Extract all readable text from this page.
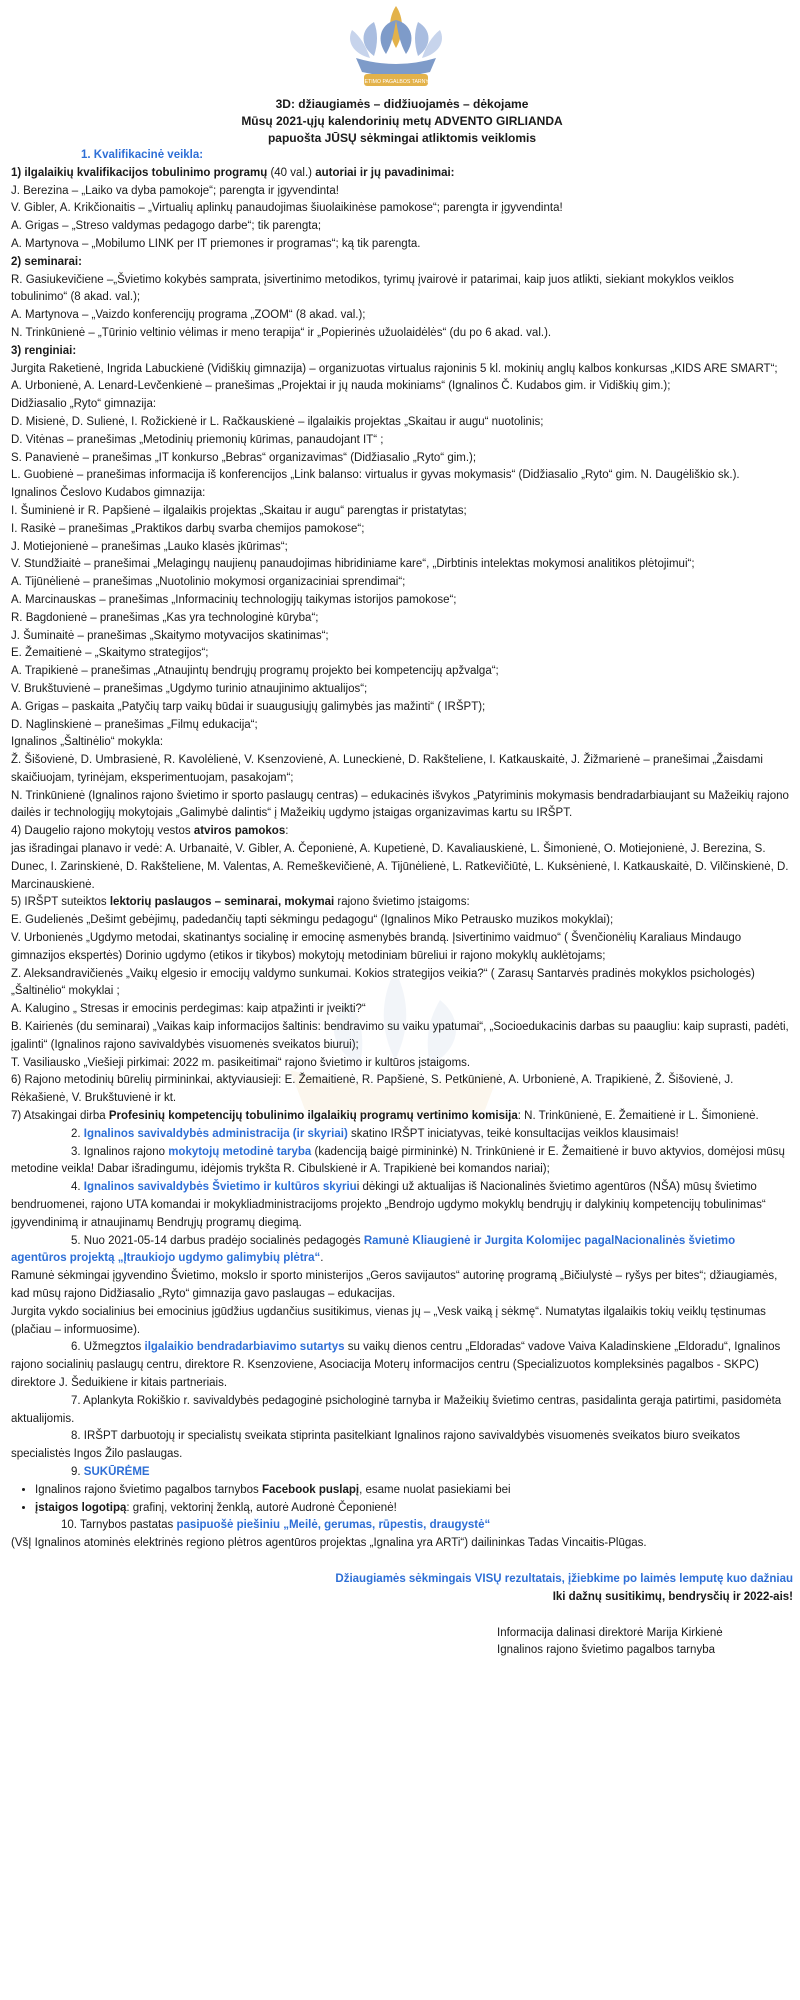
ŠVIETIMO PAGALBOS TARNYBA
3D: džiaugiamės – didžiuojamės – dėkojame
Mūsų 2021-ųjų kalendorinių metų ADVENTO GIRLIANDA
papuošta JŪSŲ sėkmingai atliktomis veiklomis
1. Kvalifikacinė veikla:
1) ilgalaikių kvalifikacijos tobulinimo programų (40 val.) autoriai ir jų pavadinimai:
J. Berezina – „Laiko va dyba pamokoje“; parengta ir įgyvendinta!
V. Gibler, A. Krikčionaitis – „Virtualių aplinkų panaudojimas šiuolaikinėse pamokose“; parengta ir įgyvendinta!
A. Grigas – „Streso valdymas pedagogo darbe“; tik parengta;
A. Martynova – „Mobilumo LINK per IT priemones ir programas“; ką tik parengta.
2) seminarai:
R. Gasiukevičiene –„Švietimo kokybės samprata, įsivertinimo metodikos, tyrimų įvairovė ir patarimai, kaip juos atlikti, siekiant mokyklos veiklos tobulinimo“ (8 akad. val.);
A. Martynova – „Vaizdo konferencijų programa „ZOOM“ (8 akad. val.);
N. Trinkūnienė – „Tūrinio veltinio vėlimas ir meno terapija“ ir „Popierinės užuolaidėlės“ (du po 6 akad. val.).
3) renginiai:
Jurgita Raketienė, Ingrida Labuckienė (Vidiškių gimnazija) – organizuotas virtualus rajoninis 5 kl. mokinių anglų kalbos konkursas „KIDS ARE SMART“;
A. Urbonienė, A. Lenard-Levčenkienė – pranešimas „Projektai ir jų nauda mokiniams“ (Ignalinos Č. Kudabos gim. ir Vidiškių gim.);
Didžiasalio „Ryto“ gimnazija:
D. Misienė, D. Sulienė, I. Rožickienė ir L. Račkauskienė – ilgalaikis projektas „Skaitau ir augu“ nuotolinis;
D. Vitėnas – pranešimas „Metodinių priemonių kūrimas, panaudojant IT“ ;
S. Panavienė – pranešimas „IT konkurso „Bebras“ organizavimas“ (Didžiasalio „Ryto“ gim.);
L. Guobienė – pranešimas informacija iš konferencijos „Link balanso: virtualus ir gyvas mokymasis“ (Didžiasalio „Ryto“ gim. N. Daugėliškio sk.).
Ignalinos Česlovo Kudabos gimnazija:
I. Šuminienė ir R. Papšienė – ilgalaikis projektas „Skaitau ir augu“ parengtas ir pristatytas;
I. Rasikė – pranešimas „Praktikos darbų svarba chemijos pamokose“;
J. Motiejonienė – pranešimas „Lauko klasės įkūrimas“;
V. Stundžiaitė – pranešimai „Melagingų naujienų panaudojimas hibridiniame kare“, „Dirbtinis intelektas mokymosi analitikos plėtojimui“;
A. Tijūnėlienė – pranešimas „Nuotolinio mokymosi organizaciniai sprendimai“;
A. Marcinauskas – pranešimas „Informacinių technologijų taikymas istorijos pamokose“;
R. Bagdonienė – pranešimas „Kas yra technologinė kūryba“;
J. Šuminaitė – pranešimas „Skaitymo motyvacijos skatinimas“;
E. Žemaitienė – „Skaitymo strategijos“;
A. Trapikienė – pranešimas „Atnaujintų bendrųjų programų projekto bei kompetencijų apžvalga“;
V. Brukštuvienė – pranešimas „Ugdymo turinio atnaujinimo aktualijos“;
A. Grigas – paskaita „Patyčių tarp vaikų būdai ir suaugusiųjų galimybės jas mažinti“ ( IRŠPT);
D. Naglinskienė – pranešimas „Filmų edukacija“;
Ignalinos „Šaltinėlio“ mokykla:
Ž. Šišovienė, D. Umbrasienė, R. Kavolėlienė, V. Ksenzovienė, A. Luneckienė, D. Rakšteliene, I. Katkauskaitė, J. Žižmarienė – pranešimai „Žaisdami skaičiuojam, tyrinėjam, eksperimentuojam, pasakojam“;
N. Trinkūnienė (Ignalinos rajono švietimo ir sporto paslaugų centras) – edukacinės išvykos „Patyriminis mokymasis bendradarbiaujant su Mažeikių rajono dailės ir technologijų mokytojais „Galimybė dalintis“ į Mažeikių ugdymo įstaigas organizavimas kartu su IRŠPT.
4) Daugelio rajono mokytojų vestos atviros pamokos:
jas išradingai planavo ir vedė: A. Urbanaitė, V. Gibler, A. Čeponienė, A. Kupetienė, D. Kavaliauskienė, L. Šimonienė, O. Motiejonienė, J. Berezina, S. Dunec, I. Zarinskienė, D. Rakšteliene, M. Valentas, A. Remeškevičienė, A. Tijūnėlienė, L. Ratkevičiūtė, L. Kuksėnienė, I. Katkauskaitė, D. Vilčinskienė, D. Marcinauskienė.
5) IRŠPT suteiktos lektorių paslaugos – seminarai, mokymai rajono švietimo įstaigoms:
E. Gudelienės „Dešimt gebėjimų, padedančių tapti sėkmingu pedagogu“ (Ignalinos Miko Petrausko muzikos mokyklai);
V. Urbonienės „Ugdymo metodai, skatinantys socialinę ir emocinę asmenybės brandą. Įsivertinimo vaidmuo“ ( Švenčionėlių Karaliaus Mindaugo gimnazijos ekspertės) Dorinio ugdymo (etikos ir tikybos) mokytojų metodiniam būreliui ir rajono mokyklų auklėtojams;
Z. Aleksandravičienės „Vaikų elgesio ir emocijų valdymo sunkumai. Kokios strategijos veikia?“ ( Zarasų Santarvės pradinės mokyklos psichologės) „Šaltinėlio“ mokyklai ;
A. Kalugino „ Stresas ir emocinis perdegimas: kaip atpažinti ir įveikti?“
B. Kairienės (du seminarai) „Vaikas kaip informacijos šaltinis: bendravimo su vaiku ypatumai“, „Socioedukacinis darbas su paaugliu: kaip suprasti, padėti, įgalinti“ (Ignalinos rajono savivaldybės visuomenės sveikatos biurui);
T. Vasiliausko „Viešieji pirkimai: 2022 m. pasikeitimai“ rajono švietimo ir kultūros įstaigoms.
6) Rajono metodinių būrelių pirmininkai, aktyviausieji: E. Žemaitienė, R. Papšienė, S. Petkūnienė, A. Urbonienė, A. Trapikienė, Ž. Šišovienė, J. Rėkašienė, V. Brukštuvienė ir kt.
7) Atsakingai dirba Profesinių kompetencijų tobulinimo ilgalaikių programų vertinimo komisija: N. Trinkūnienė, E. Žemaitienė ir L. Šimonienė.
2. Ignalinos savivaldybės administracija (ir skyriai) skatino IRŠPT iniciatyvas, teikė konsultacijas veiklos klausimais!
3. Ignalinos rajono mokytojų metodinė taryba (kadenciją baigė pirmininkė) N. Trinkūnienė ir E. Žemaitienė ir buvo aktyvios, domėjosi mūsų metodine veikla! Dabar išradingumu, idėjomis trykšta R. Cibulskienė ir A. Trapikienė bei komandos nariai);
4. Ignalinos savivaldybės Švietimo ir kultūros skyriui dėkingi už aktualijas iš Nacionalinės švietimo agentūros (NŠA) mūsų švietimo bendruomenei, rajono UTA komandai ir mokykliadministracijoms projekto „Bendrojo ugdymo mokyklų bendrųjų ir dalykinių kompetencijų tobulinimas“ įgyvendinimą ir atnaujinamų Bendrųjų programų diegimą.
5. Nuo 2021-05-14 darbus pradėjo socialinės pedagogės Ramunė Kliaugienė ir Jurgita Kolomijec pagalNacionalinės švietimo agentūros projektą „Įtraukiojo ugdymo galimybių plėtra“.
Ramunė sėkmingai įgyvendino Švietimo, mokslo ir sporto ministerijos „Geros savijautos“ autorinę programą „Bičiulystė – ryšys per bites“; džiaugiamės, kad mūsų rajono Didžiasalio „Ryto“ gimnazija gavo paslaugas – edukacijas.
Jurgita vykdo socialinius bei emocinius įgūdžius ugdančius susitikimus, vienas jų – „Vesk vaiką į sėkmę“. Numatytas ilgalaikis tokių veiklų tęstinumas (plačiau – informuosime).
6. Užmegztos ilgalaikio bendradarbiavimo sutartys su vaikų dienos centru „Eldoradas“ vadove Vaiva Kaladinskiene „Eldoradu“, Ignalinos rajono socialinių paslaugų centru, direktore R. Ksenzoviene, Asociacija Moterų informacijos centru (Specializuotos kompleksinės pagalbos - SKPC) direktore J. Šeduikiene ir kitais partneriais.
7. Aplankyta Rokiškio r. savivaldybės pedagoginė psichologinė tarnyba ir Mažeikių švietimo centras, pasidalinta gerąja patirtimi, pasidomėta aktualijomis.
8. IRŠPT darbuotojų ir specialistų sveikata stiprinta pasitelkiant Ignalinos rajono savivaldybės visuomenės sveikatos biuro sveikatos specialistės Ingos Žilo paslaugas.
9. SUKŪRĖME
• Ignalinos rajono švietimo pagalbos tarnybos Facebook puslapį, esame nuolat pasiekiami bei
• įstaigos logotipą: grafinį, vektorinį ženklą, autorė Audronė Čeponienė!
10. Tarnybos pastatas pasipuošė piešiniu „Meilė, gerumas, rūpestis, draugystė“
(VšĮ Ignalinos atominės elektrinės regiono plėtros agentūros projektas „Ignalina yra ARTi“) dailininkas Tadas Vincaitis-Plūgas.
Džiaugiamės sėkmingais VISŲ rezultatais, įžiebkime po laimės lemputę kuo dažniau
Iki dažnų susitikimų, bendrysčių ir 2022-ais!
Informacija dalinasi direktorė Marija Kirkienė
Ignalinos rajono švietimo pagalbos tarnyba
